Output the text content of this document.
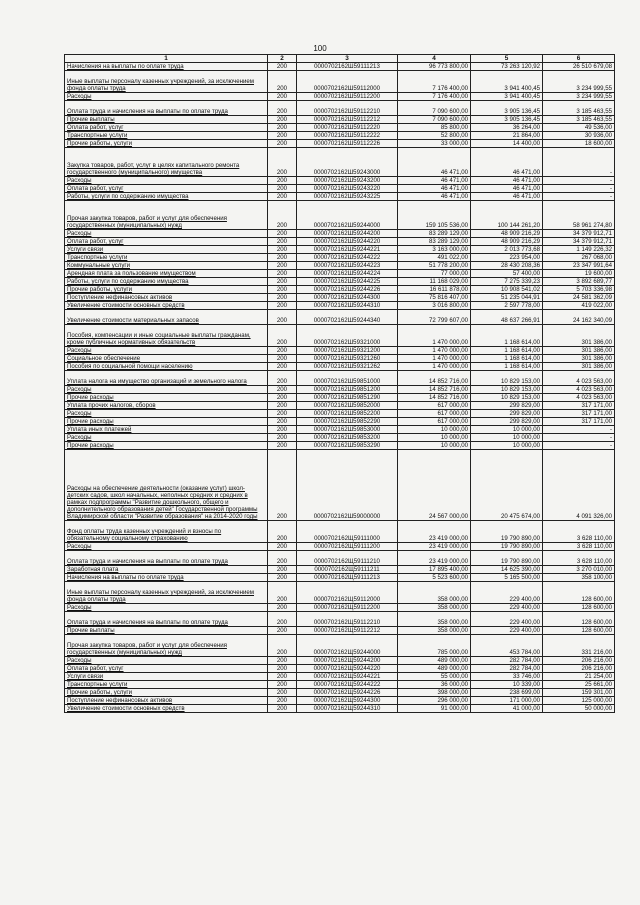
100
1	2	3	4	5	6
Начисления на выплаты по оплате труда	200	0000702162Ш59111213	96 773 800,00	73 263 120,92	26 510 679,08
Иные выплаты персоналу казенных учреждений, за исключением фонда оплаты труда	200	0000702162Ш59112000	7 176 400,00	3 941 400,45	3 234 999,55
Расходы	200	0000702162Ш59112200	7 176 400,00	3 941 400,45	3 234 999,55
Оплата труда и начисления на выплаты по оплате труда	200	0000702162Ш59112210	7 090 600,00	3 905 136,45	3 185 463,55
Прочие выплаты	200	0000702162Ш59112212	7 090 600,00	3 905 136,45	3 185 463,55
Оплата работ, услуг	200	0000702162Ш59112220	85 800,00	36 264,00	49 536,00
Транспортные услуги	200	0000702162Ш59112222	52 800,00	21 864,00	30 936,00
Прочие работы, услуги	200	0000702162Ш59112226	33 000,00	14 400,00	18 600,00
Закупка товаров, работ, услуг в целях капитального ремонта государственного (муниципального) имущества	200	0000702162Ш59243000	46 471,00	46 471,00	-
Расходы	200	0000702162Ш59243200	46 471,00	46 471,00	-
Оплата работ, услуг	200	0000702162Ш59243220	46 471,00	46 471,00	-
Работы, услуги по содержанию имущества	200	0000702162Ш59243225	46 471,00	46 471,00	-
Прочая закупка товаров, работ и услуг для обеспечения государственных (муниципальных) нужд	200	0000702162Ш59244000	159 105 536,00	100 144 261,20	58 961 274,80
Расходы	200	0000702162Ш59244200	83 289 129,00	48 909 216,29	34 379 912,71
Оплата работ, услуг	200	0000702162Ш59244220	83 289 129,00	48 909 216,29	34 379 912,71
Услуги связи	200	0000702162Ш59244221	3 163 000,00	2 013 773,68	1 149 226,32
Транспортные услуги	200	0000702162Ш59244222	491 022,00	223 954,00	267 068,00
Коммунальные услуги	200	0000702162Ш59244223	51 778 200,00	28 430 208,36	23 347 991,64
Арендная плата за пользование имуществом	200	0000702162Ш59244224	77 000,00	57 400,00	19 600,00
Работы, услуги по содержанию имущества	200	0000702162Ш59244225	11 168 029,00	7 275 339,23	3 892 689,77
Прочие работы, услуги	200	0000702162Ш59244226	16 611 878,00	10 908 541,02	5 703 336,98
Поступление нефинансовых активов	200	0000702162Ш59244300	75 816 407,00	51 235 044,91	24 581 362,09
Увеличение стоимости основных средств	200	0000702162Ш59244310	3 016 800,00	2 597 778,00	419 022,00
Увеличение стоимости материальных запасов	200	0000702162Ш59244340	72 799 607,00	48 637 266,91	24 162 340,09
Пособия, компенсации и иные социальные выплаты гражданам, кроме публичных нормативных обязательств	200	0000702162Ш59321000	1 470 000,00	1 168 614,00	301 386,00
Расходы	200	0000702162Ш59321200	1 470 000,00	1 168 614,00	301 386,00
Социальное обеспечение	200	0000702162Ш59321260	1 470 000,00	1 168 614,00	301 386,00
Пособия по социальной помощи населению	200	0000702162Ш59321262	1 470 000,00	1 168 614,00	301 386,00
Уплата налога на имущество организаций и земельного налога	200	0000702162Ш59851000	14 852 716,00	10 829 153,00	4 023 563,00
Расходы	200	0000702162Ш59851200	14 852 716,00	10 829 153,00	4 023 563,00
Прочие расходы	200	0000702162Ш59851290	14 852 716,00	10 829 153,00	4 023 563,00
Уплата прочих налогов, сборов	200	0000702162Ш59852000	617 000,00	299 829,00	317 171,00
Расходы	200	0000702162Ш59852200	617 000,00	299 829,00	317 171,00
Прочие расходы	200	0000702162Ш59852290	617 000,00	299 829,00	317 171,00
Уплата иных платежей	200	0000702162Ш59853000	10 000,00	10 000,00	-
Расходы	200	0000702162Ш59853200	10 000,00	10 000,00	-
Прочие расходы	200	0000702162Ш59853290	10 000,00	10 000,00	-
Расходы на обеспечение деятельности (оказание услуг) школ-детских садов, школ начальных, неполных средних и средних в рамках подпрограммы "Развитие дошкольного, общего и дополнительного образования детей" Государственной программы Владимирской области "Развитие образования" на 2014-2020 годы	200	0000702162Ш59000000	24 567 000,00	20 475 674,00	4 091 326,00
Фонд оплаты труда казенных учреждений и взносы по обязательному социальному страхованию	200	0000702162Щ59111000	23 419 000,00	19 790 890,00	3 628 110,00
Расходы	200	0000702162Щ59111200	23 419 000,00	19 790 890,00	3 628 110,00
Оплата труда и начисления на выплаты по оплате труда	200	0000702162Щ59111210	23 419 000,00	19 790 890,00	3 628 110,00
Заработная плата	200	0000702162Щ59111211	17 895 400,00	14 625 390,00	3 270 010,00
Начисления на выплаты по оплате труда	200	0000702162Щ59111213	5 523 600,00	5 165 500,00	358 100,00
Иные выплаты персоналу казенных учреждений, за исключением фонда оплаты труда	200	0000702162Щ59112000	358 000,00	229 400,00	128 600,00
Расходы	200	0000702162Щ59112200	358 000,00	229 400,00	128 600,00
Оплата труда и начисления на выплаты по оплате труда	200	0000702162Щ59112210	358 000,00	229 400,00	128 600,00
Прочие выплаты	200	0000702162Щ59112212	358 000,00	229 400,00	128 600,00
Прочая закупка товаров, работ и услуг для обеспечения государственных (муниципальных) нужд	200	0000702162Щ59244000	785 000,00	453 784,00	331 216,00
Расходы	200	0000702162Щ59244200	489 000,00	282 784,00	206 216,00
Оплата работ, услуг	200	0000702162Щ59244220	489 000,00	282 784,00	206 216,00
Услуги связи	200	0000702162Щ59244221	55 000,00	33 746,00	21 254,00
Транспортные услуги	200	0000702162Щ59244222	36 000,00	10 339,00	25 661,00
Прочие работы, услуги	200	0000702162Щ59244226	398 000,00	238 699,00	159 301,00
Поступление нефинансовых активов	200	0000702162Щ59244300	296 000,00	171 000,00	125 000,00
Увеличение стоимости основных средств	200	0000702162Щ59244310	91 000,00	41 000,00	50 000,00
